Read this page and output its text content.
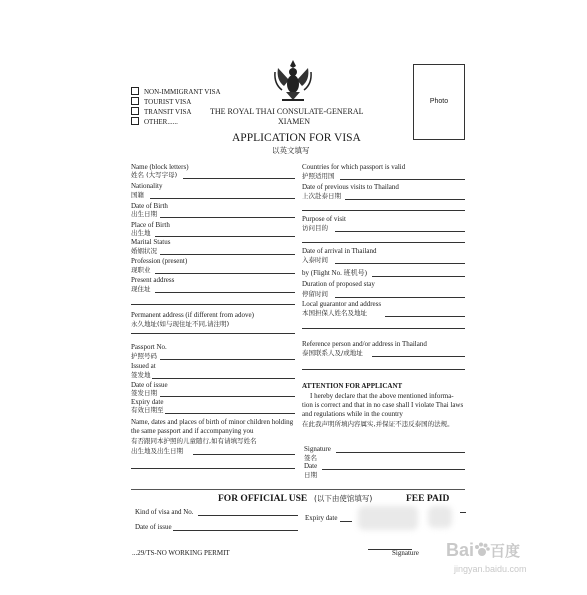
NON-IMMIGRANT VISA
TOURIST VISA
TRANSIT VISA
OTHER......
THE ROYAL THAI CONSULATE-GENERAL
XIAMEN
APPLICATION FOR VISA
以英文填写
Photo
Name (block letters)
姓名 (大写字母)
Nationality
国籍
Date of Birth
出生日期
Place of Birth
出生地
Marital Status
婚姻状况
Profession (present)
现职业
Present address
现住址
Permanent address (if different from adove)
永久地址(如与现住址不同,请注明)
Passport No.
护照号码
Issued at
签发地
Date of issue
签发日期
Expiry date
有效日期至
Name, dates and places of birth of minor children holding
the same passport and if accompanying you
有否跟同本护照的儿童随行,如有请填写姓名
出生地及出生日期
Countries for which passport is valid
护照适用国
Date of previous visits to Thailand
上次赴泰日期
Purpose of visit
访问目的
Date of arrival in Thailand
入泰时间
by (Flight No. 班机号)
Duration of proposed stay
停留时间
Local guarantor and address
本国担保人姓名及地址
Reference person and/or address in Thailand
泰国联系人及/或地址
ATTENTION FOR APPLICANT
I hereby declare that the above mentioned informa-
tion is correct and that in no case shall I violate Thai laws
and regulations while in the country
在此我声明所填内容属实,并保证不违反泰国的法规。
Signature
签名
Date
日期
FOR OFFICIAL USE (以下由使馆填写)	FEE PAID
Kind of visa and No.
Expiry date
Date of issue
...29/TS-NO WORKING PERMIT	Signature Bai 百度
jingyan.baidu.com
